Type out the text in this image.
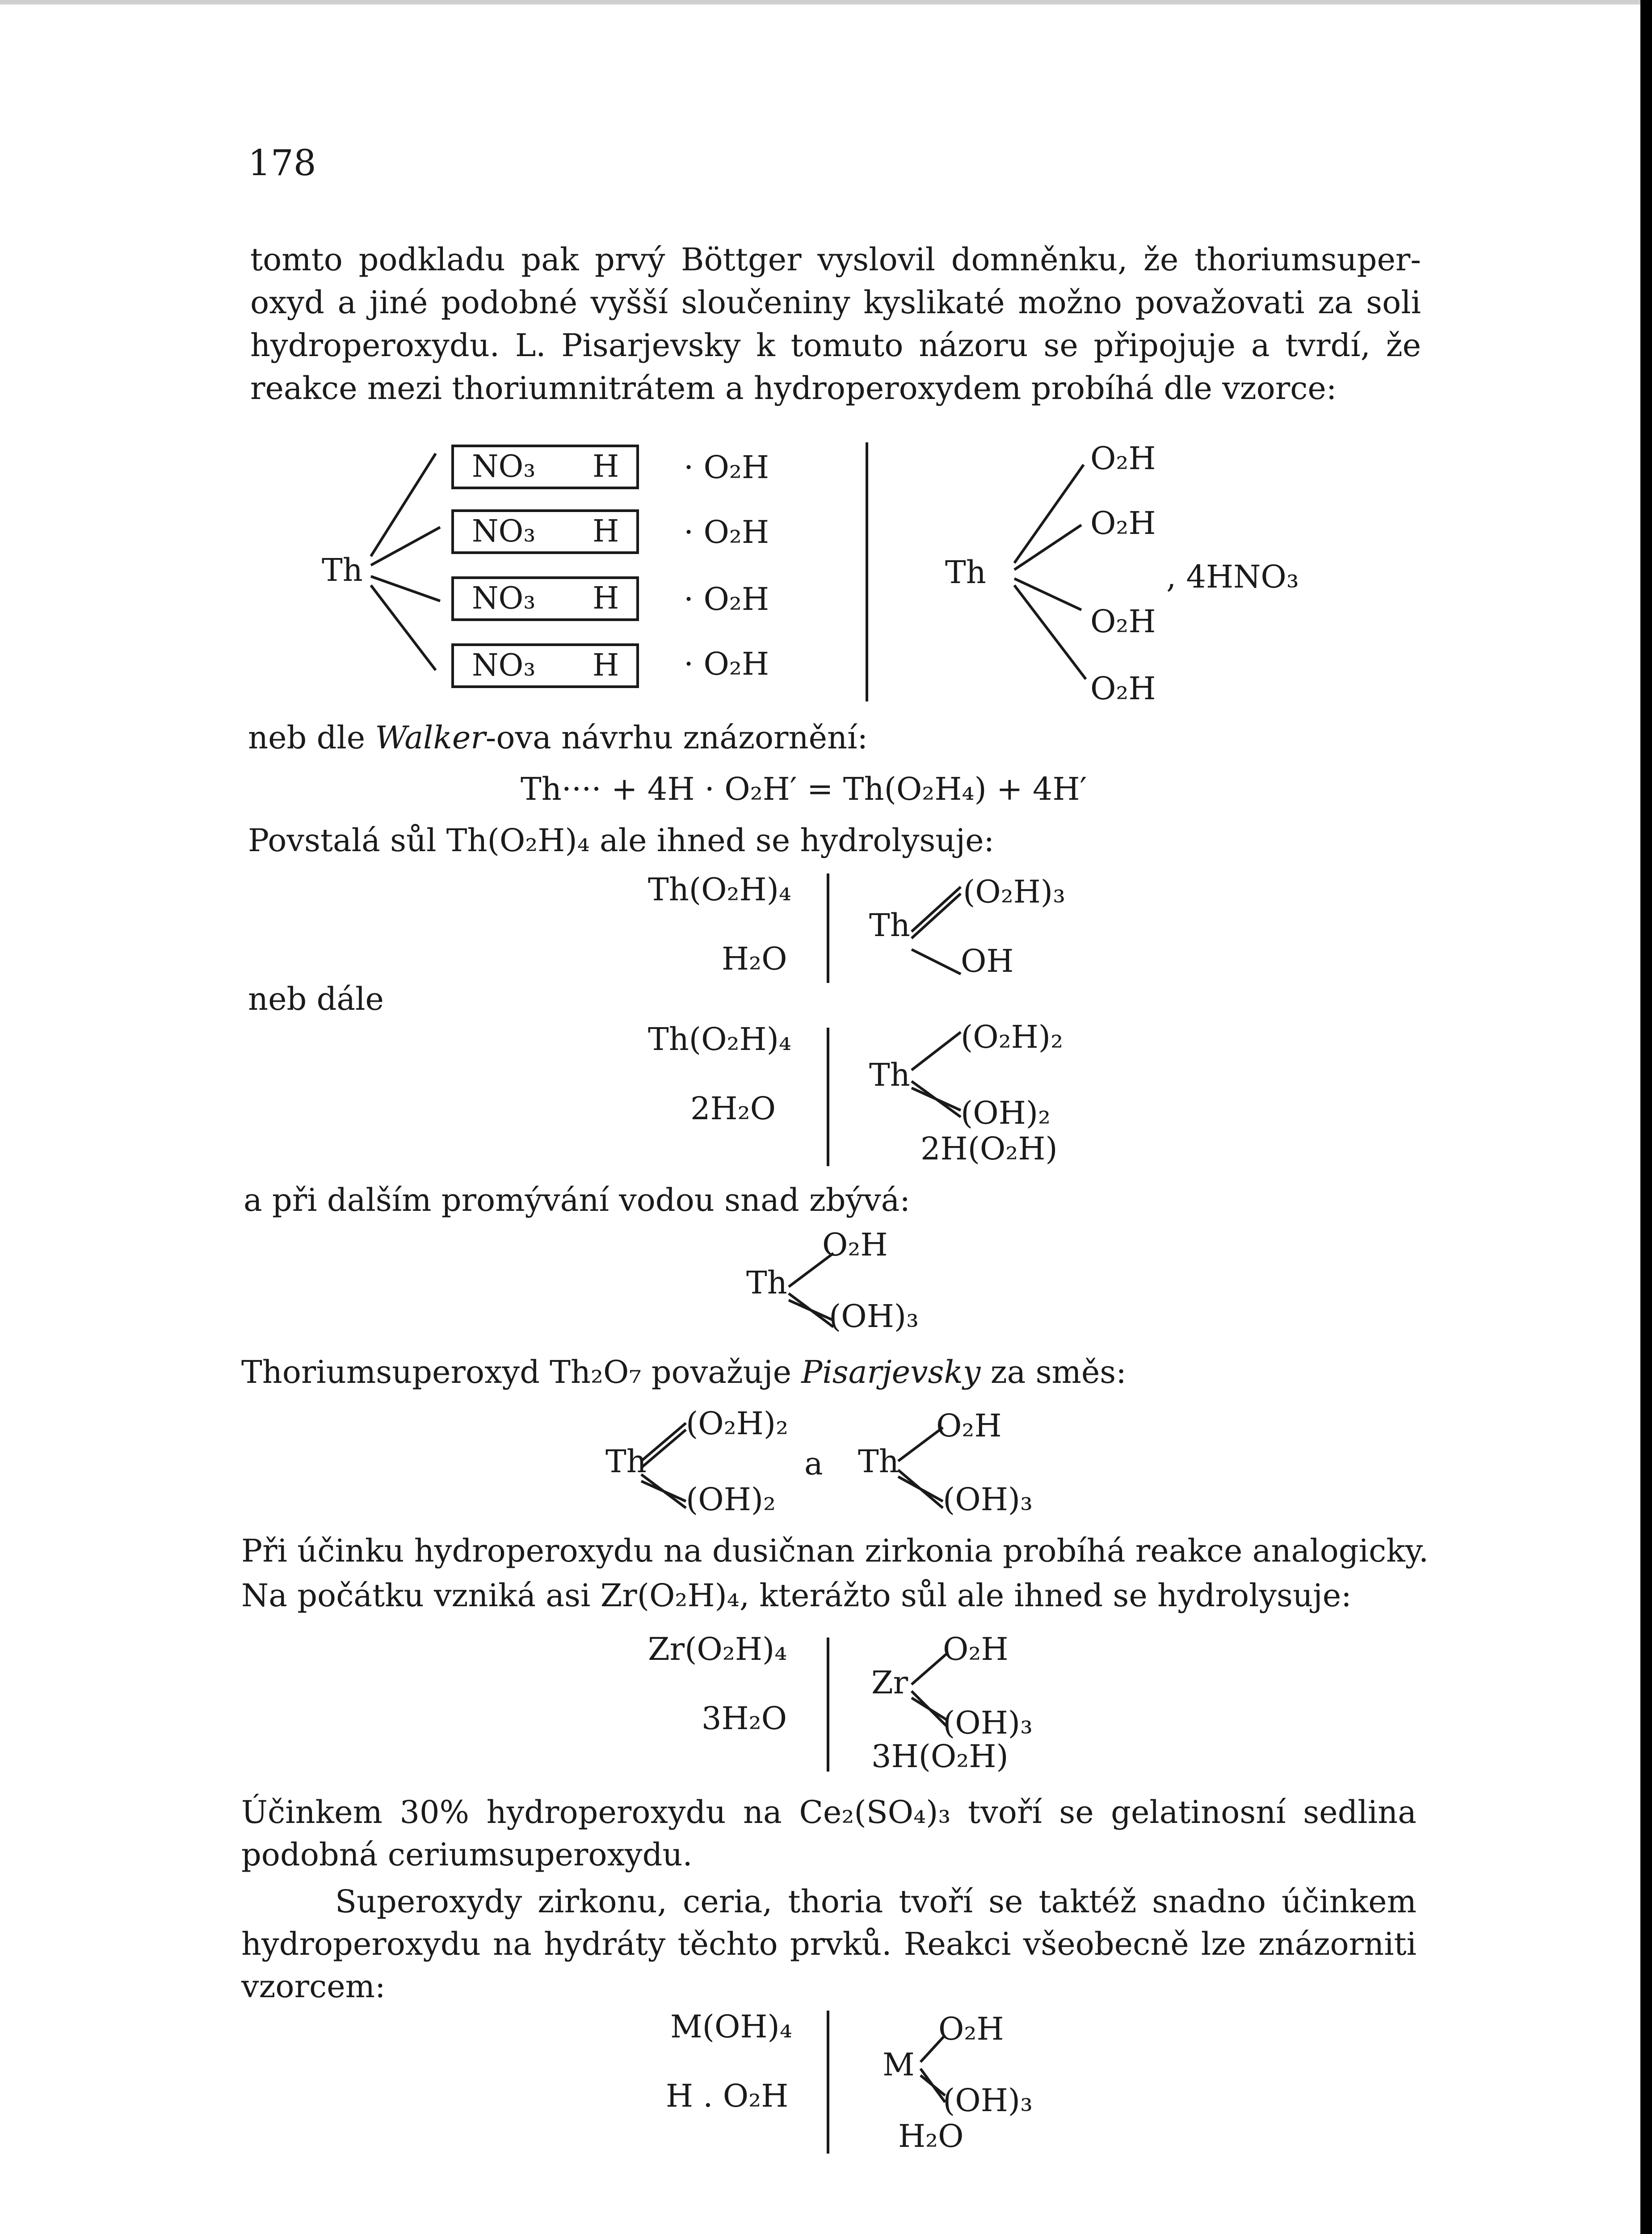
178
tomto podkladu pak prvý Böttger vyslovil domněnku, že thoriumsuper-
oxyd a jiné podobné vyšší sloučeniny kyslikaté možno považovati za soli
hydroperoxydu. L. Pisarjevsky k tomuto názoru se připojuje a tvrdí, že
reakce mezi thoriumnitrátem a hydroperoxydem probíhá dle vzorce:
Th
NO₃ H
NO₃ H
NO₃ H
NO₃ H
· O₂H
· O₂H
· O₂H
· O₂H
Th
O₂H
O₂H
O₂H
O₂H
, 4HNO₃
neb dle Walker-ova návrhu znázornění:
Th···· + 4H · O₂H′ = Th(O₂H₄) + 4H′
Povstalá sůl Th(O₂H)₄ ale ihned se hydrolysuje:
Th(O₂H)₄
H₂O
Th
(O₂H)₃
OH
neb dále
Th(O₂H)₄
2H₂O
Th
(O₂H)₂
(OH)₂
2H(O₂H)
a při dalším promývání vodou snad zbývá:
Th
O₂H
(OH)₃
Thoriumsuperoxyd Th₂O₇ považuje Pisarjevsky za směs:
Th
(O₂H)₂
(OH)₂
a Th
O₂H
(OH)₃
Při účinku hydroperoxydu na dusičnan zirkonia probíhá reakce analogicky.
Na počátku vzniká asi Zr(O₂H)₄, kterážto sůl ale ihned se hydrolysuje:
Zr(O₂H)₄
3H₂O
Zr
O₂H
(OH)₃
3H(O₂H)
Účinkem 30% hydroperoxydu na Ce₂(SO₄)₃ tvoří se gelatinosní sedlina
podobná ceriumsuperoxydu.
Superoxydy zirkonu, ceria, thoria tvoří se taktéž snadno účinkem
hydroperoxydu na hydráty těchto prvků. Reakci všeobecně lze znázorniti
vzorcem:
M(OH)₄
H . O₂H
M
O₂H
(OH)₃
H₂O
